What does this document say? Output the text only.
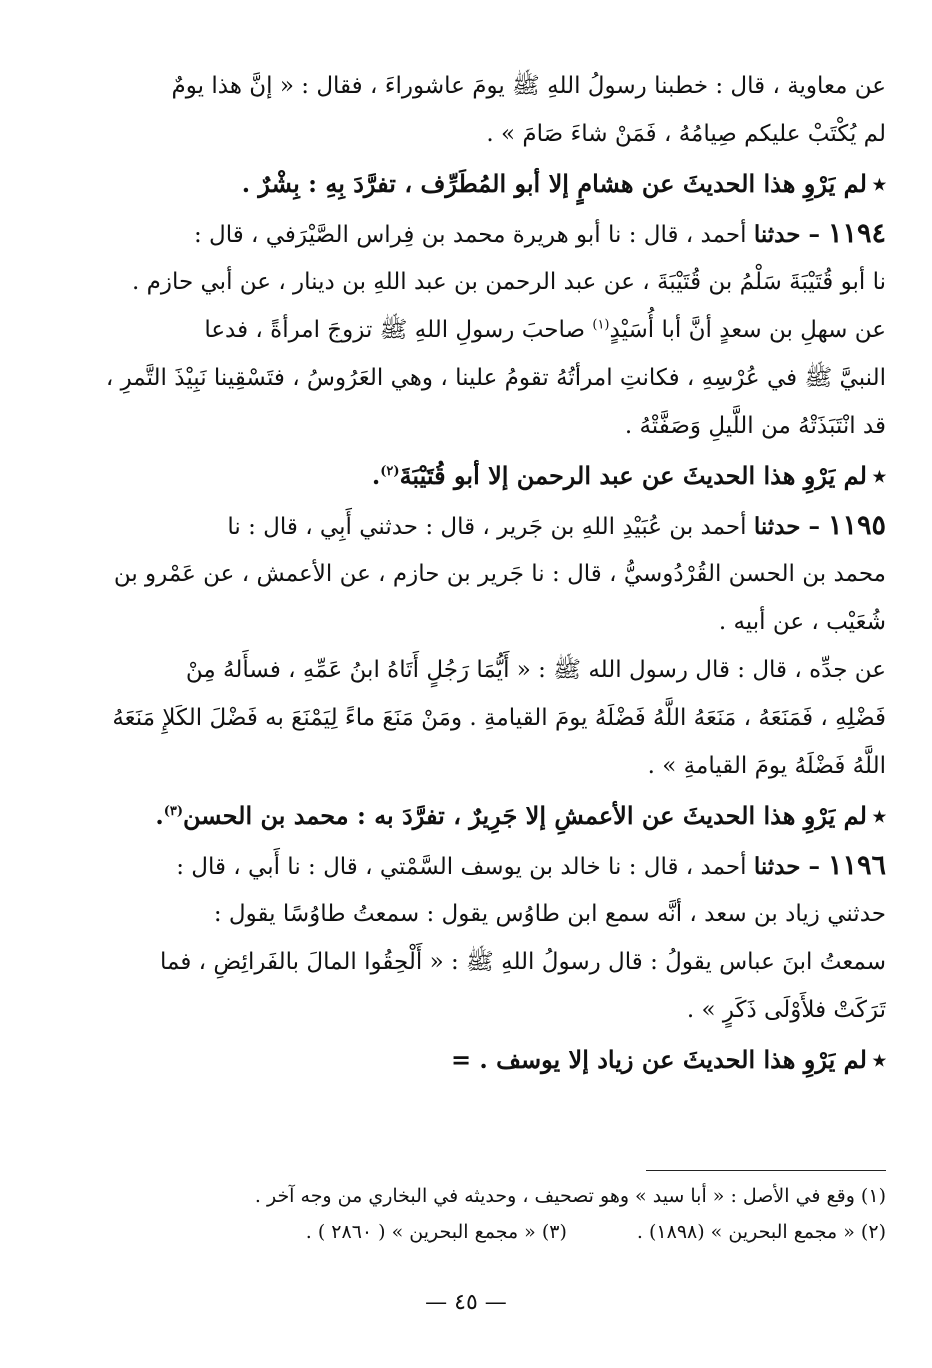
عن معاوية ، قال : خطبنا رسولُ اللهِ ﷺ يومَ عاشوراءَ ، فقال : « إنَّ هذا يومٌ
لم يُكْتَبْ عليكم صِيامُهُ ، فَمَنْ شاءَ صَامَ » .
٭لم يَرْوِ هذا الحديثَ عن هشامٍ إلا أبو المُطَرِّف ، تفرَّدَ بِهِ : بِشْرٌ .
١١٩٤– حدثنا أحمد ، قال : نا أبو هريرة محمد بن فِراس الصَّيْرَفي ، قال :
نا أبو قُتَيْبَةَ سَلْمُ بن قُتَيْبَةَ ، عن عبد الرحمن بن عبد اللهِ بن دينار ، عن أبي حازم .
عن سهلِ بن سعدٍ أنَّ أبا أُسَيْدٍ$^{(١)}$ صاحبَ رسولِ اللهِ ﷺ تزوجَ امرأةً ، فدعا
النبيَّ ﷺ في عُرْسِهِ ، فكانتِ امرأتُهُ تقومُ علينا ، وهي العَرُوسُ ، فتَسْقِينا نَبِيْذَ التَّمرِ ،
قد انْتَبَذَتْهُ من اللَّيلِ وَصَفَّتْهُ .
٭لم يَرْوِ هذا الحديثَ عن عبد الرحمن إلا أبو قُتَيْبَةَ$^{(٢)}$.
١١٩٥– حدثنا أحمد بن عُبَيْدِ اللهِ بن جَرير ، قال : حدثني أَبِي ، قال : نا
محمد بن الحسن القُرْدُوسيُّ ، قال : نا جَرير بن حازم ، عن الأعمش ، عن عَمْرو بن
شُعَيْب ، عن أبيه .
عن جدِّه ، قال : قال رسول الله ﷺ : « أَيُّمَا رَجُلٍ أَتَاهُ ابنُ عَمِّهِ ، فسأَلهُ مِنْ
فَضْلِهِ ، فَمَنَعَهُ ، مَنَعَهُ اللَّهُ فَضْلَهُ يومَ القيامةِ . ومَنْ مَنَعَ ماءً لِيَمْنَعَ به فَضْلَ الكَلإِ مَنَعَهُ
اللَّهُ فَضْلَهُ يومَ القيامةِ » .
٭لم يَرْوِ هذا الحديثَ عن الأعمشِ إلا جَرِيرٌ ، تفرَّدَ به : محمد بن الحسن$^{(٣)}$.
١١٩٦– حدثنا أحمد ، قال : نا خالد بن يوسف السَّمْتي ، قال : نا أَبي ، قال :
حدثني زياد بن سعد ، أنَّه سمع ابن طاوُس يقول : سمعتُ طاوُسًا يقول :
سمعتُ ابنَ عباس يقولُ : قال رسولُ اللهِ ﷺ : « أَلْحِقُوا المالَ بالفَرائِضِ ، فما
تَرَكَتْ فلأَوْلَى ذَكَرٍ » .
٭لم يَرْوِ هذا الحديثَ عن زياد إلا يوسف . =
(١) وقع في الأصل : « أبا سيد » وهو تصحيف ، وحديثه في البخاري من وجه آخر .
(٢) « مجمع البحرين » (١٨٩٨) .(٣) « مجمع البحرين » ( ٢٨٦٠ ) .
— ٤٥ —
